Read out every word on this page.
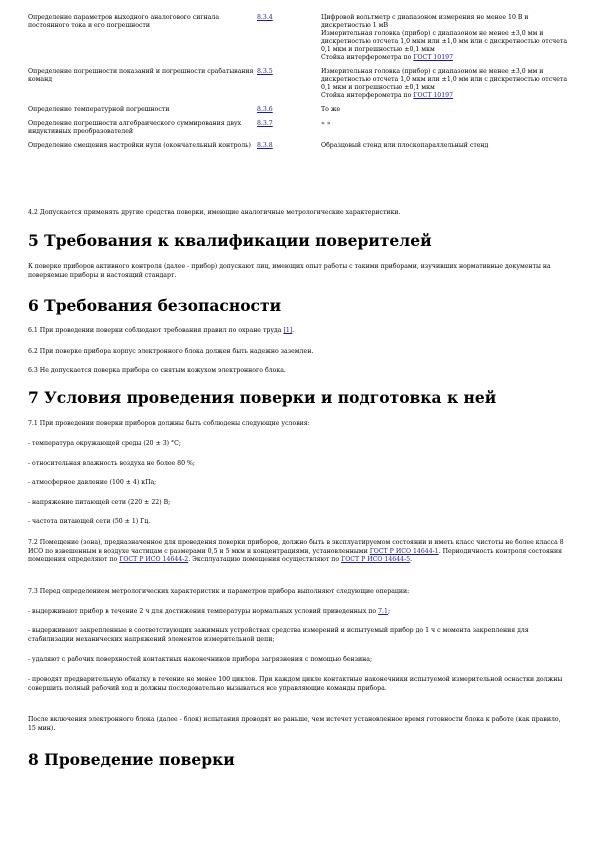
Определение параметров выходного аналогового сигнала постоянного тока и его погрешности	8.3.4	Цифровой вольтметр с диапазоном измерения не менее 10 В и дискретностью 1 мВ
Измерительная головка (прибор) с диапазоном не менее ±3,0 мм и дискретностью отсчета 1,0 мкм или ±1,0 мм или с дискретностью отсчета 0,1 мкм и погрешностью ±0,1 мкм
Стойка интерферометра по ГОСТ 10197

Определение погрешности показаний и погрешности срабатывания команд	8.3.5	Измерительная головка (прибор) с диапазоном не менее ±3,0 мм и дискретностью отсчета 1,0 мкм или ±1,0 мм или с дискретностью отсчета 0,1 мкм и погрешностью ±0,1 мкм
Стойка интерферометра по ГОСТ 10197

Определение температурной погрешности	8.3.6	То же

Определение погрешности алгебраического суммирования двух индуктивных преобразователей	8.3.7	» »

Определение смещения настройки нуля (окончательный контроль)	8.3.8	Образцовый стенд или плоскопараллельный стенд

4.2 Допускается применять другие средства поверки, имеющие аналогичные метрологические характеристики.

5 Требования к квалификации поверителей

К поверке приборов активного контроля (далее - прибор) допускают лиц, имеющих опыт работы с такими приборами, изучивших нормативные документы на поверяемые приборы и настоящий стандарт.

6 Требования безопасности

6.1 При проведении поверки соблюдают требования правил по охране труда [1].

6.2 При поверке прибора корпус электронного блока должен быть надежно заземлен.

6.3 Не допускается поверка прибора со снятым кожухом электронного блока.

7 Условия проведения поверки и подготовка к ней

7.1 При проведении поверки приборов должны быть соблюдены следующие условия:

- температура окружающей среды (20 ± 3) °С;

- относительная влажность воздуха не более 80 %;

- атмосферное давление (100 ± 4) кПа;

- напряжение питающей сети (220 ± 22) В;

- частота питающей сети (50 ± 1) Гц.

7.2 Помещение (зона), предназначенное для проведения поверки приборов, должно быть в эксплуатируемом состоянии и иметь класс чистоты не более класса 8 ИСО по взвешенным в воздухе частицам с размерами 0,5 и 5 мкм и концентрациями, установленными ГОСТ Р ИСО 14644-1. Периодичность контроля состояния помещения определяют по ГОСТ Р ИСО 14644-2. Эксплуатацию помещения осуществляют по ГОСТ Р ИСО 14644-5.

7.3 Перед определением метрологических характеристик и параметров прибора выполняют следующие операции:

- выдерживают прибор в течение 2 ч для достижения температуры нормальных условий приведенных по 7.1;

- выдерживают закрепленные в соответствующих зажимных устройствах средства измерений и испытуемый прибор до 1 ч с момента закрепления для стабилизации механических напряжений элементов измерительной цепи;

- удаляют с рабочих поверхностей контактных наконечников прибора загрязнения с помощью бензина;

- проводят предварительную обкатку в течение не менее 100 циклов. При каждом цикле контактные наконечники испытуемой измерительной оснастки должны совершить полный рабочий ход и должны последовательно вызываться все управляющие команды прибора.

После включения электронного блока (далее - блок) испытания проводят не раньше, чем истечет установленное время готовности блока к работе (как правило, 15 мин).

8 Проведение поверки
